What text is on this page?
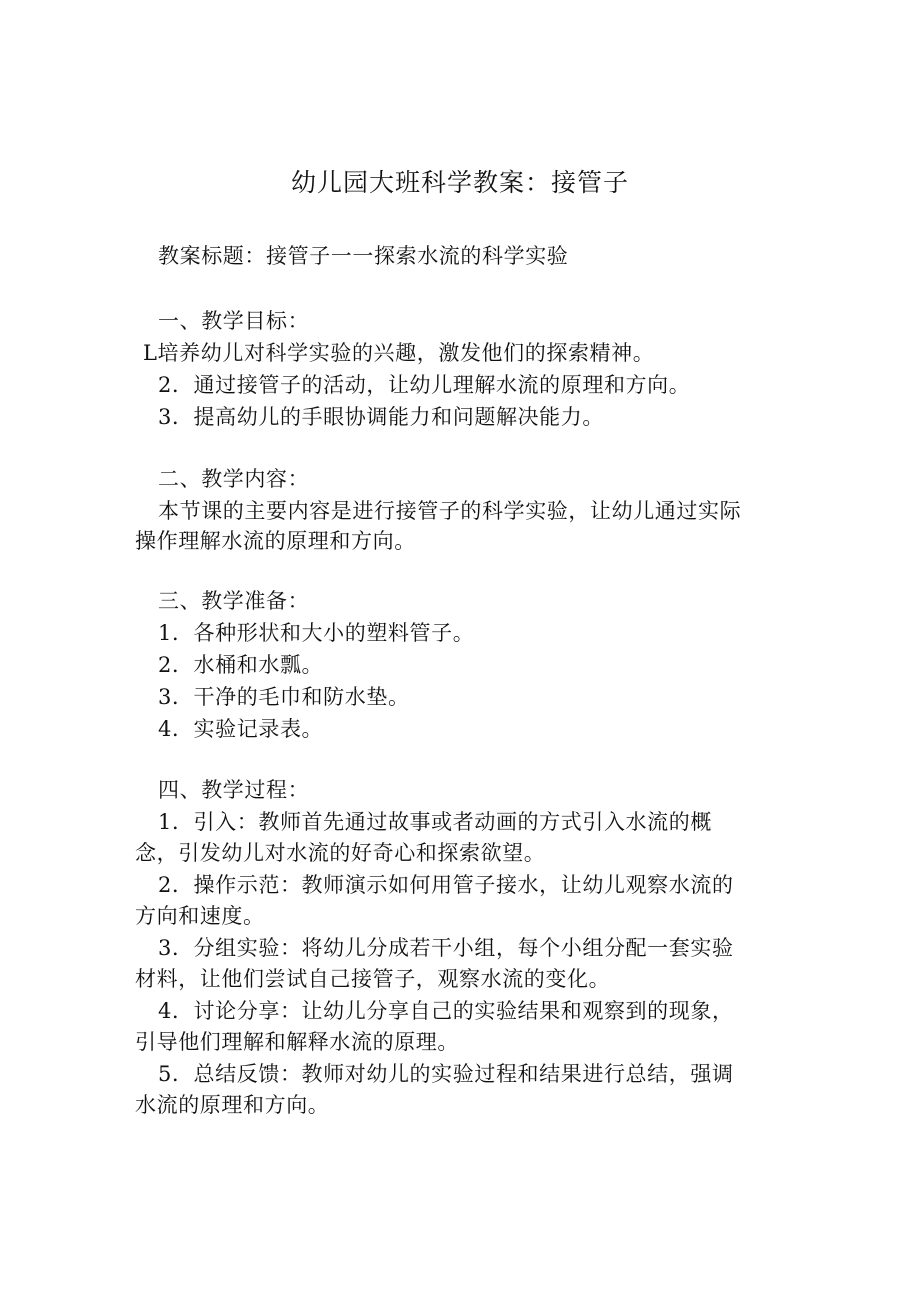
幼儿园大班科学教案：接管子
教案标题：接管子一一探索水流的科学实验
一、教学目标：
L培养幼儿对科学实验的兴趣，激发他们的探索精神。
2．通过接管子的活动，让幼儿理解水流的原理和方向。
3．提高幼儿的手眼协调能力和问题解决能力。
二、教学内容：
本节课的主要内容是进行接管子的科学实验，让幼儿通过实际
操作理解水流的原理和方向。
三、教学准备：
1．各种形状和大小的塑料管子。
2．水桶和水瓢。
3．干净的毛巾和防水垫。
4．实验记录表。
四、教学过程：
1．引入：教师首先通过故事或者动画的方式引入水流的概
念，引发幼儿对水流的好奇心和探索欲望。
2．操作示范：教师演示如何用管子接水，让幼儿观察水流的
方向和速度。
3．分组实验：将幼儿分成若干小组，每个小组分配一套实验
材料，让他们尝试自己接管子，观察水流的变化。
4．讨论分享：让幼儿分享自己的实验结果和观察到的现象，
引导他们理解和解释水流的原理。
5．总结反馈：教师对幼儿的实验过程和结果进行总结，强调
水流的原理和方向。
